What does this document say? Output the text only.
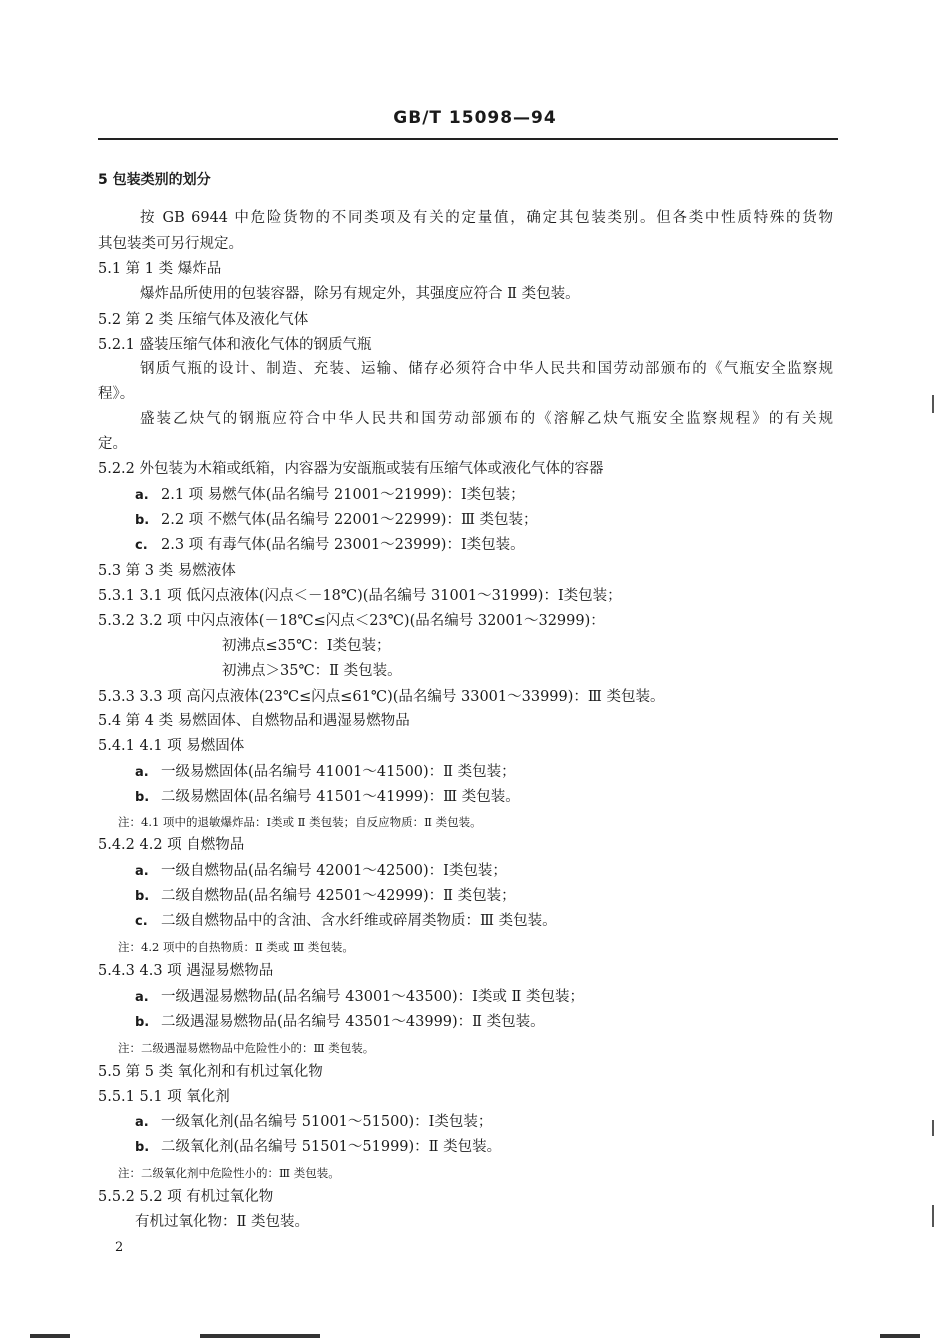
GB/T 15098—94
5 包装类别的划分
按 GB 6944 中危险货物的不同类项及有关的定量值，确定其包装类别。但各类中性质特殊的货物
其包装类可另行规定。
5.1 第 1 类 爆炸品
爆炸品所使用的包装容器，除另有规定外，其强度应符合 Ⅱ 类包装。
5.2 第 2 类 压缩气体及液化气体
5.2.1 盛装压缩气体和液化气体的钢质气瓶
钢质气瓶的设计、制造、充装、运输、储存必须符合中华人民共和国劳动部颁布的《气瓶安全监察规
程》。
盛装乙炔气的钢瓶应符合中华人民共和国劳动部颁布的《溶解乙炔气瓶安全监察规程》的有关规
定。
5.2.2 外包装为木箱或纸箱，内容器为安瓿瓶或装有压缩气体或液化气体的容器
a. 2.1 项 易燃气体(品名编号 21001～21999)：Ⅰ类包装；
b. 2.2 项 不燃气体(品名编号 22001～22999)：Ⅲ 类包装；
c. 2.3 项 有毒气体(品名编号 23001～23999)：Ⅰ类包装。
5.3 第 3 类 易燃液体
5.3.1 3.1 项 低闪点液体(闪点＜－18℃)(品名编号 31001～31999)：Ⅰ类包装；
5.3.2 3.2 项 中闪点液体(－18℃≤闪点＜23℃)(品名编号 32001～32999)：
初沸点≤35℃：Ⅰ类包装；
初沸点＞35℃：Ⅱ 类包装。
5.3.3 3.3 项 高闪点液体(23℃≤闪点≤61℃)(品名编号 33001～33999)：Ⅲ 类包装。
5.4 第 4 类 易燃固体、自燃物品和遇湿易燃物品
5.4.1 4.1 项 易燃固体
a. 一级易燃固体(品名编号 41001～41500)：Ⅱ 类包装；
b. 二级易燃固体(品名编号 41501～41999)：Ⅲ 类包装。
注：4.1 项中的退敏爆炸品：Ⅰ类或 Ⅱ 类包装；自反应物质：Ⅱ 类包装。
5.4.2 4.2 项 自燃物品
a. 一级自燃物品(品名编号 42001～42500)：Ⅰ类包装；
b. 二级自燃物品(品名编号 42501～42999)：Ⅱ 类包装；
c. 二级自燃物品中的含油、含水纤维或碎屑类物质：Ⅲ 类包装。
注：4.2 项中的自热物质：Ⅱ 类或 Ⅲ 类包装。
5.4.3 4.3 项 遇湿易燃物品
a. 一级遇湿易燃物品(品名编号 43001～43500)：Ⅰ类或 Ⅱ 类包装；
b. 二级遇湿易燃物品(品名编号 43501～43999)：Ⅱ 类包装。
注：二级遇湿易燃物品中危险性小的：Ⅲ 类包装。
5.5 第 5 类 氧化剂和有机过氧化物
5.5.1 5.1 项 氧化剂
a. 一级氧化剂(品名编号 51001～51500)：Ⅰ类包装；
b. 二级氧化剂(品名编号 51501～51999)：Ⅱ 类包装。
注：二级氧化剂中危险性小的：Ⅲ 类包装。
5.5.2 5.2 项 有机过氧化物
有机过氧化物：Ⅱ 类包装。
2
